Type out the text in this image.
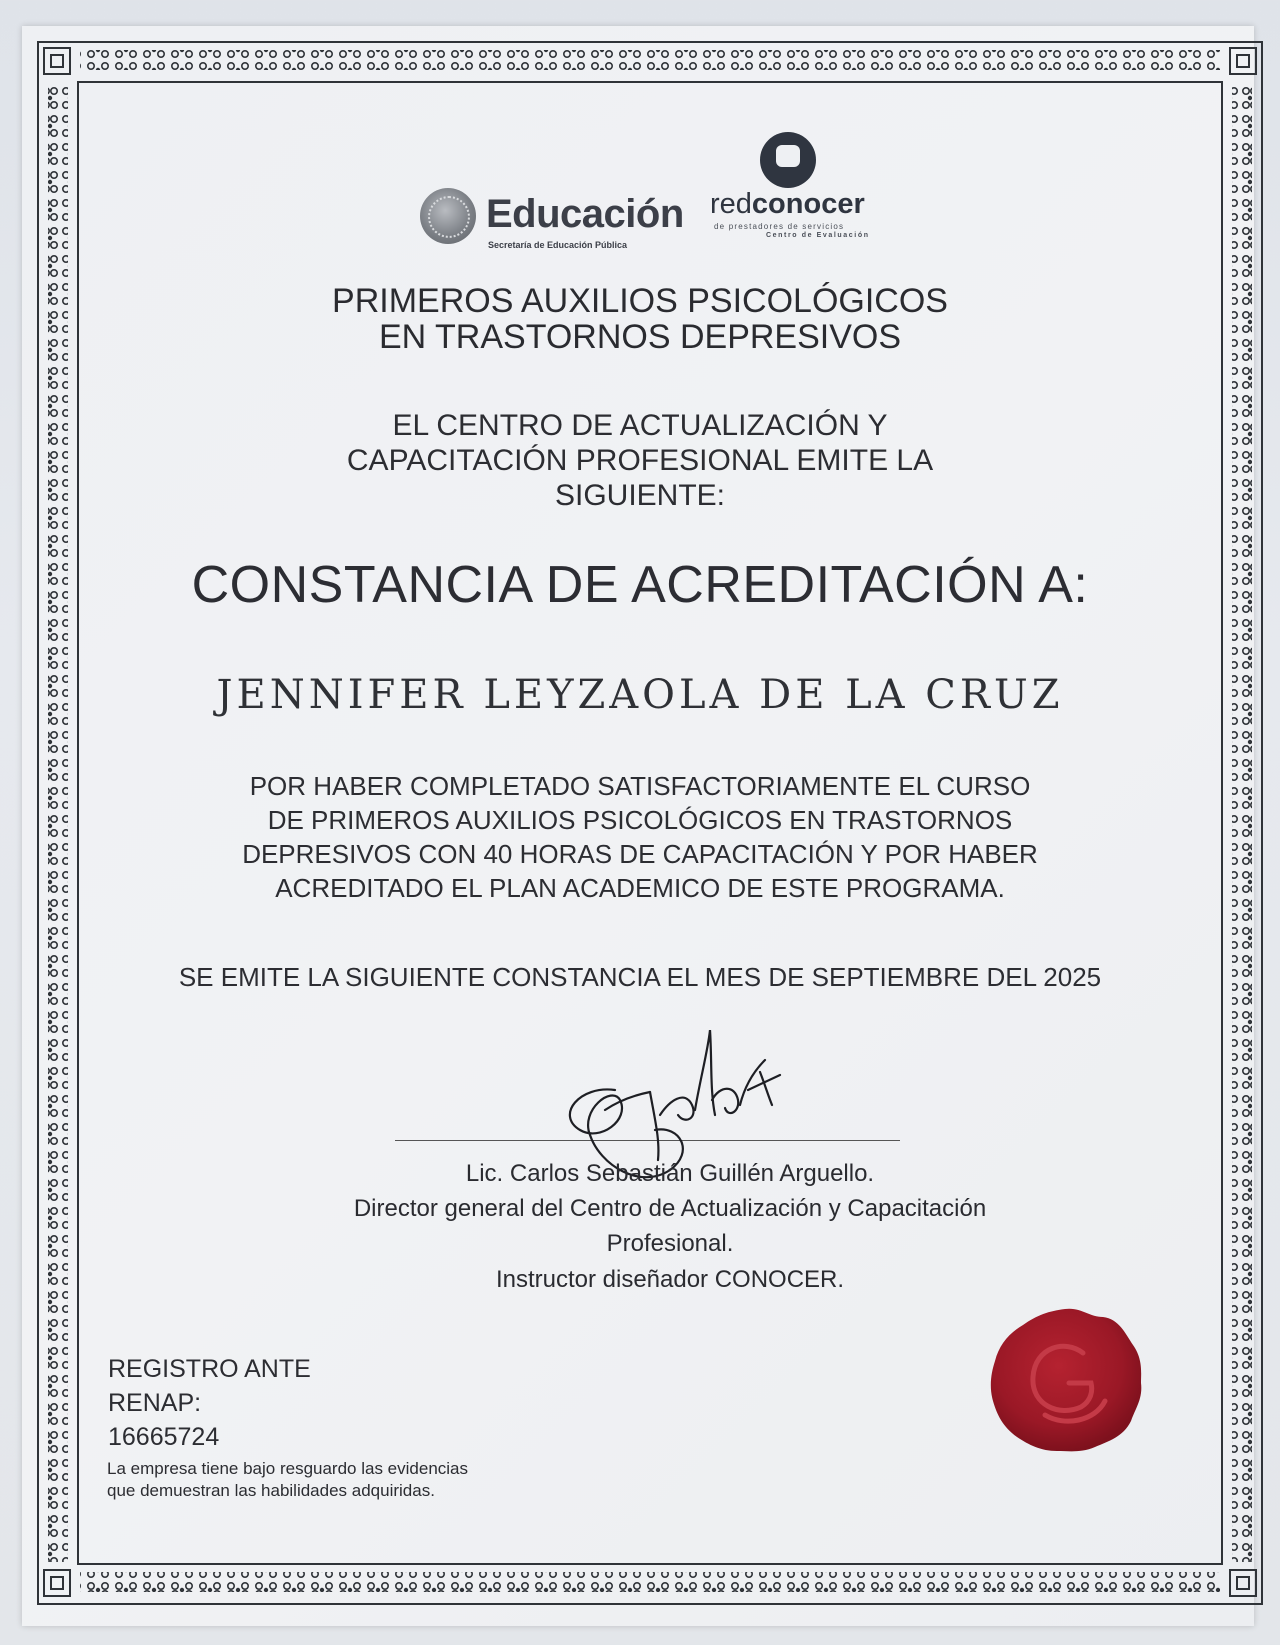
Educación
Secretaría de Educación Pública
redconocer
de prestadores de servicios
Centro de Evaluación
PRIMEROS AUXILIOS PSICOLÓGICOS
EN TRASTORNOS DEPRESIVOS
EL CENTRO DE ACTUALIZACIÓN Y
CAPACITACIÓN PROFESIONAL EMITE LA
SIGUIENTE:
CONSTANCIA DE ACREDITACIÓN A:
JENNIFER LEYZAOLA DE LA CRUZ
POR HABER COMPLETADO SATISFACTORIAMENTE EL CURSO
DE PRIMEROS AUXILIOS PSICOLÓGICOS EN TRASTORNOS
DEPRESIVOS CON 40 HORAS DE CAPACITACIÓN Y POR HABER
ACREDITADO EL PLAN ACADEMICO DE ESTE PROGRAMA.
SE EMITE LA SIGUIENTE CONSTANCIA EL MES DE SEPTIEMBRE DEL 2025
Lic. Carlos Sebastián Guillén Arguello.
Director general del Centro de Actualización y Capacitación
Profesional.
Instructor diseñador CONOCER.
REGISTRO ANTE
RENAP:
16665724
La empresa tiene bajo resguardo las evidencias
que demuestran las habilidades adquiridas.
